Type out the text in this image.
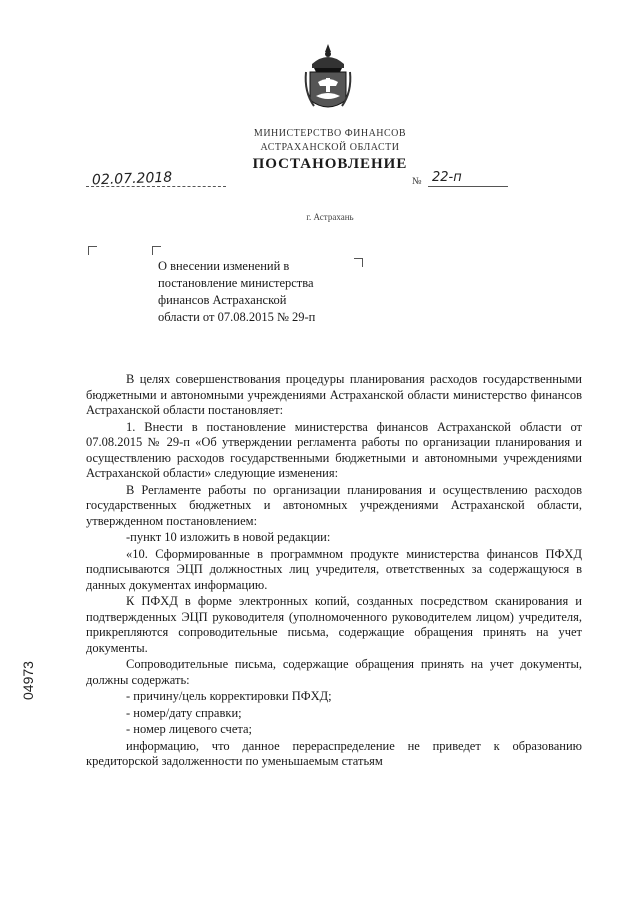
МИНИСТЕРСТВО ФИНАНСОВ
АСТРАХАНСКОЙ ОБЛАСТИ
ПОСТАНОВЛЕНИЕ
02.07.2018	№ 22-п
г. Астрахань
О внесении изменений в
постановление министерства
финансов Астраханской
области от 07.08.2015 № 29-п

В целях совершенствования процедуры планирования расходов государственными бюджетными и автономными учреждениями Астраханской области министерство финансов Астраханской области постановляет:

1. Внести в постановление министерства финансов Астраханской области от 07.08.2015 № 29-п «Об утверждении регламента работы по организации планирования и осуществлению расходов государственными бюджетными и автономными учреждениями Астраханской области» следующие изменения:

В Регламенте работы по организации планирования и осуществлению расходов государственных бюджетных и автономных учреждениями Астраханской области, утвержденном постановлением:

-пункт 10 изложить в новой редакции:

«10. Сформированные в программном продукте министерства финансов ПФХД подписываются ЭЦП должностных лиц учредителя, ответственных за содержащуюся в данных документах информацию.

К ПФХД в форме электронных копий, созданных посредством сканирования и подтвержденных ЭЦП руководителя (уполномоченного руководителем лицом) учредителя, прикрепляются сопроводительные письма, содержащие обращения принять на учет документы.

Сопроводительные письма, содержащие обращения принять на учет документы, должны содержать:

- причину/цель корректировки ПФХД;

- номер/дату справки;

- номер лицевого счета;

информацию, что данное перераспределение не приведет к образованию кредиторской задолженности по уменьшаемым статьям

04973
